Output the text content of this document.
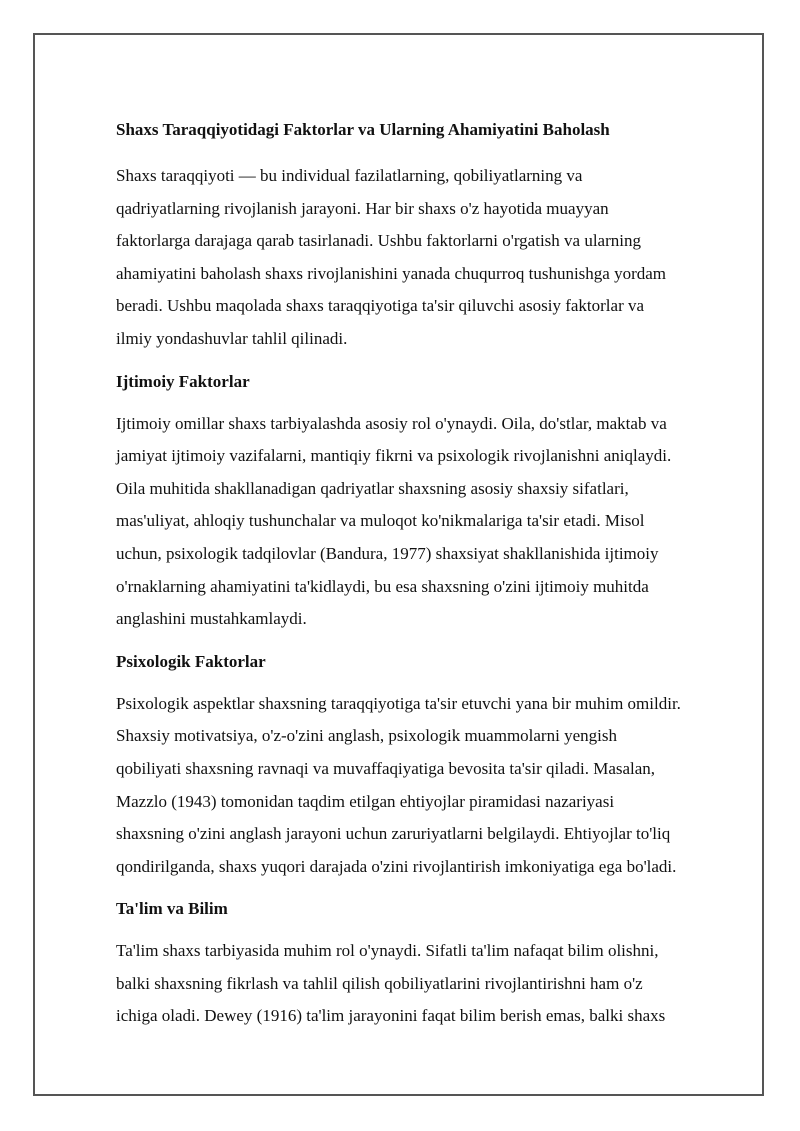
Shaxs Taraqqiyotidagi Faktorlar va Ularning Ahamiyatini Baholash

Shaxs taraqqiyoti — bu individual fazilatlarning, qobiliyatlarning va
qadriyatlarning rivojlanish jarayoni. Har bir shaxs o'z hayotida muayyan
faktorlarga darajaga qarab tasirlanadi. Ushbu faktorlarni o'rgatish va ularning
ahamiyatini baholash shaxs rivojlanishini yanada chuqurroq tushunishga yordam
beradi. Ushbu maqolada shaxs taraqqiyotiga ta'sir qiluvchi asosiy faktorlar va
ilmiy yondashuvlar tahlil qilinadi.

Ijtimoiy Faktorlar

Ijtimoiy omillar shaxs tarbiyalashda asosiy rol o'ynaydi. Oila, do'stlar, maktab va
jamiyat ijtimoiy vazifalarni, mantiqiy fikrni va psixologik rivojlanishni aniqlaydi.
Oila muhitida shakllanadigan qadriyatlar shaxsning asosiy shaxsiy sifatlari,
mas'uliyat, ahloqiy tushunchalar va muloqot ko'nikmalariga ta'sir etadi. Misol
uchun, psixologik tadqilovlar (Bandura, 1977) shaxsiyat shakllanishida ijtimoiy
o'rnaklarning ahamiyatini ta'kidlaydi, bu esa shaxsning o'zini ijtimoiy muhitda
anglashini mustahkamlaydi.

Psixologik Faktorlar

Psixologik aspektlar shaxsning taraqqiyotiga ta'sir etuvchi yana bir muhim omildir.
Shaxsiy motivatsiya, o'z-o'zini anglash, psixologik muammolarni yengish
qobiliyati shaxsning ravnaqi va muvaffaqiyatiga bevosita ta'sir qiladi. Masalan,
Mazzlo (1943) tomonidan taqdim etilgan ehtiyojlar piramidasi nazariyasi
shaxsning o'zini anglash jarayoni uchun zaruriyatlarni belgilaydi. Ehtiyojlar to'liq
qondirilganda, shaxs yuqori darajada o'zini rivojlantirish imkoniyatiga ega bo'ladi.

Ta'lim va Bilim

Ta'lim shaxs tarbiyasida muhim rol o'ynaydi. Sifatli ta'lim nafaqat bilim olishni,
balki shaxsning fikrlash va tahlil qilish qobiliyatlarini rivojlantirishni ham o'z
ichiga oladi. Dewey (1916) ta'lim jarayonini faqat bilim berish emas, balki shaxs
